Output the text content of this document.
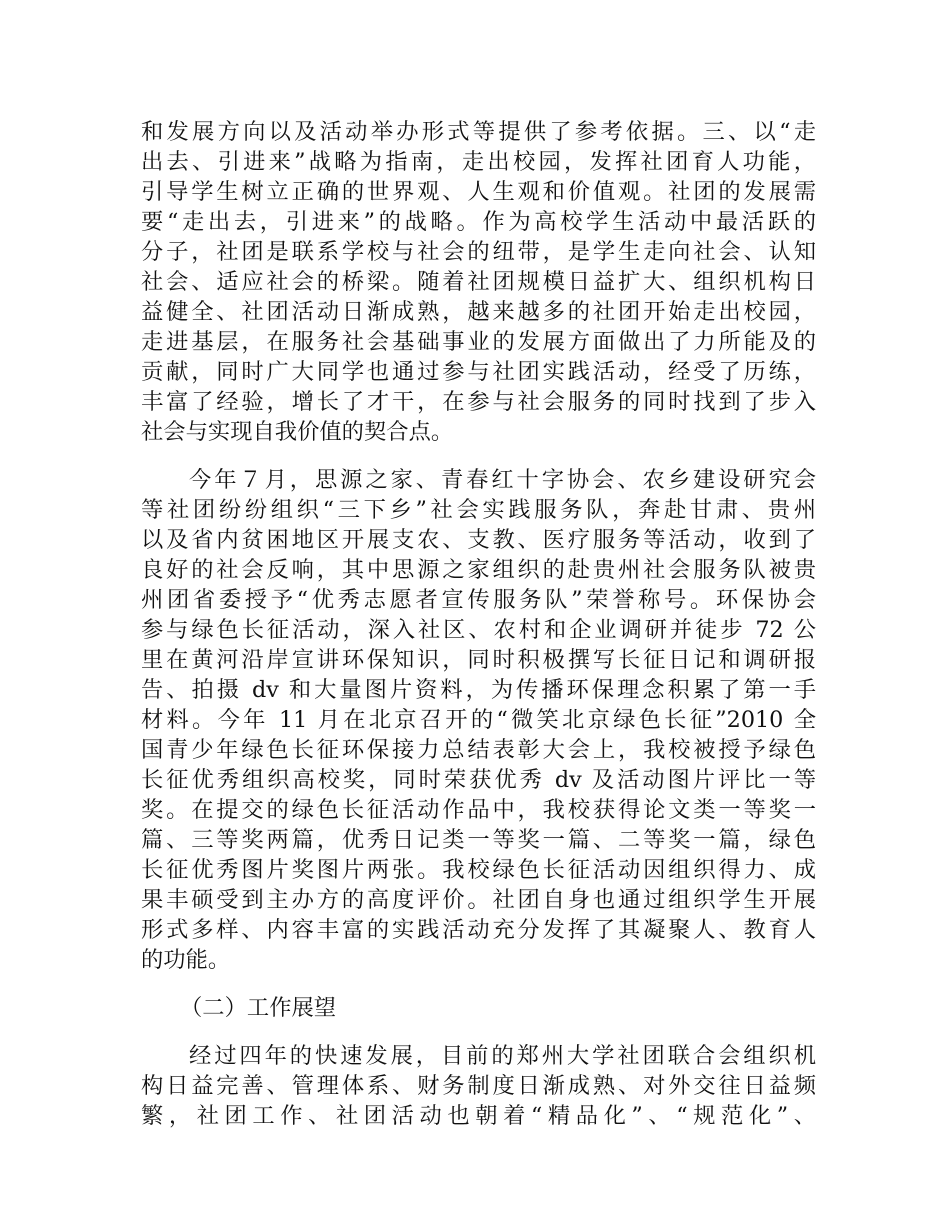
和发展方向以及活动举办形式等提供了参考依据。三、以“走
出去、引进来”战略为指南，走出校园，发挥社团育人功能，
引导学生树立正确的世界观、人生观和价值观。社团的发展需
要“走出去，引进来”的战略。作为高校学生活动中最活跃的
分子，社团是联系学校与社会的纽带，是学生走向社会、认知
社会、适应社会的桥梁。随着社团规模日益扩大、组织机构日
益健全、社团活动日渐成熟，越来越多的社团开始走出校园，
走进基层，在服务社会基础事业的发展方面做出了力所能及的
贡献，同时广大同学也通过参与社团实践活动，经受了历练，
丰富了经验，增长了才干，在参与社会服务的同时找到了步入
社会与实现自我价值的契合点。
今年７月，思源之家、青春红十字协会、农乡建设研究会
等社团纷纷组织“三下乡”社会实践服务队，奔赴甘肃、贵州
以及省内贫困地区开展支农、支教、医疗服务等活动，收到了
良好的社会反响，其中思源之家组织的赴贵州社会服务队被贵
州团省委授予“优秀志愿者宣传服务队”荣誉称号。环保协会
参与绿色长征活动，深入社区、农村和企业调研并徒步 72 公
里在黄河沿岸宣讲环保知识，同时积极撰写长征日记和调研报
告、拍摄 dv 和大量图片资料，为传播环保理念积累了第一手
材料。今年 11 月在北京召开的“微笑北京绿色长征”2010 全
国青少年绿色长征环保接力总结表彰大会上，我校被授予绿色
长征优秀组织高校奖，同时荣获优秀 dv 及活动图片评比一等
奖。在提交的绿色长征活动作品中，我校获得论文类一等奖一
篇、三等奖两篇，优秀日记类一等奖一篇、二等奖一篇，绿色
长征优秀图片奖图片两张。我校绿色长征活动因组织得力、成
果丰硕受到主办方的高度评价。社团自身也通过组织学生开展
形式多样、内容丰富的实践活动充分发挥了其凝聚人、教育人
的功能。
（二）工作展望
经过四年的快速发展，目前的郑州大学社团联合会组织机
构日益完善、管理体系、财务制度日渐成熟、对外交往日益频
繁，社团工作、社团活动也朝着“精品化”、“规范化”、
